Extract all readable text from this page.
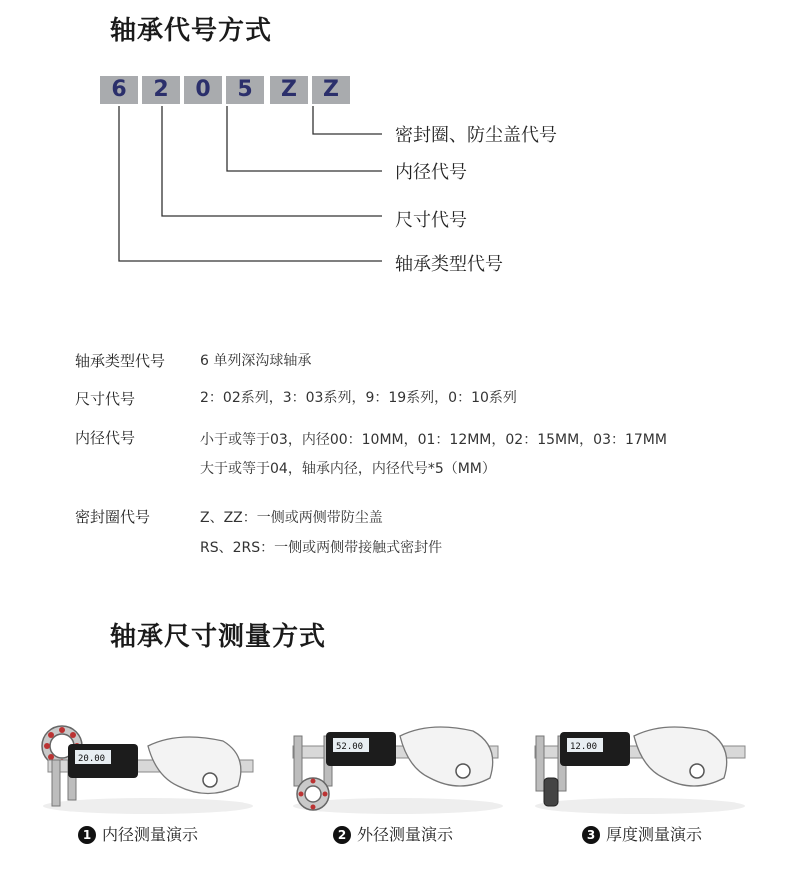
轴承代号方式
6	2	0	5	Z	Z
密封圈、防尘盖代号
内径代号
尺寸代号
轴承类型代号
轴承类型代号 6 单列深沟球轴承
尺寸代号	2：02系列，3：03系列，9：19系列，0：10系列
内径代号	小于或等于03，内径00：10MM，01：12MM，02：15MM，03：17MM
大于或等于04，轴承内径，内径代号*5（MM）
密封圈代号	Z、ZZ：一侧或两侧带防尘盖
RS、2RS：一侧或两侧带接触式密封件
轴承尺寸测量方式
20.00
1 内径测量演示
52.00
2 外径测量演示
12.00
3 厚度测量演示
